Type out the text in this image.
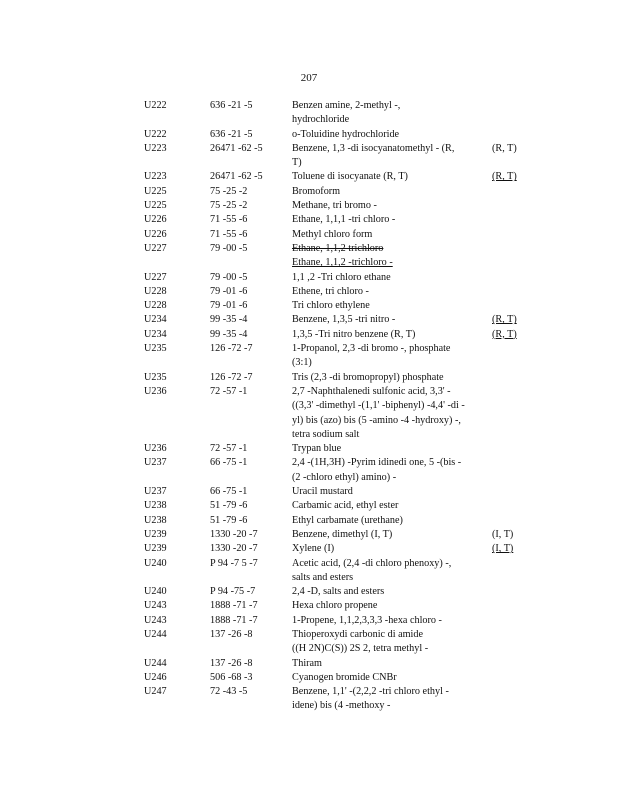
207
U222	636 -21 -5	Benzen amine, 2-methyl -,
hydrochloride	

U222	636 -21 -5	o-Toluidine hydrochloride	

U223	26471 -62 -5	Benzene, 1,3 -di isocyanatomethyl - (R,
T)	(R, T)
U223	26471 -62 -5	Toluene di isocyanate (R, T)	(R, T)
U225	75 -25 -2	Bromoform	

U225	75 -25 -2	Methane, tri bromo -	

U226	71 -55 -6	Ethane, 1,1,1 -tri chloro -	

U226	71 -55 -6	Methyl chloro form	

U227	79 -00 -5	Ethane, 1,1,2 trichloro
Ethane, 1,1,2 -trichloro -	

U227	79 -00 -5	1,1 ,2 -Tri chloro ethane	

U228	79 -01 -6	Ethene, tri chloro -	

U228	79 -01 -6	Tri chloro ethylene	

U234	99 -35 -4	Benzene, 1,3,5 -tri nitro -	(R, T)
U234	99 -35 -4	1,3,5 -Tri nitro benzene (R, T)	(R, T)
U235	126 -72 -7	1-Propanol, 2,3 -di bromo -, phosphate
(3:1)	

U235	126 -72 -7	Tris (2,3 -di bromopropyl) phosphate	

U236	72 -57 -1	2,7 -Naphthalenedi sulfonic acid, 3,3' -
((3,3' -dimethyl -(1,1' -biphenyl) -4,4' -di -
yl) bis (azo) bis (5 -amino -4 -hydroxy) -,
tetra sodium salt	

U236	72 -57 -1	Trypan blue	

U237	66 -75 -1	2,4 -(1H,3H) -Pyrim idinedi one, 5 -(bis -
(2 -chloro ethyl) amino) -	

U237	66 -75 -1	Uracil mustard	

U238	51 -79 -6	Carbamic acid, ethyl ester	

U238	51 -79 -6	Ethyl carbamate (urethane)	

U239	1330 -20 -7	Benzene, dimethyl (I, T)	(I, T)
U239	1330 -20 -7	Xylene (I)	(I, T)
U240	P 94 -7 5 -7	Acetic acid, (2,4 -di chloro phenoxy) -,
salts and esters	

U240	P 94 -75 -7	2,4 -D, salts and esters	

U243	1888 -71 -7	Hexa chloro propene	

U243	1888 -71 -7	1-Propene, 1,1,2,3,3,3 -hexa chloro -	

U244	137 -26 -8	Thioperoxydi carbonic di amide
((H 2N)C(S)) 2S 2, tetra methyl -	

U244	137 -26 -8	Thiram	

U246	506 -68 -3	Cyanogen bromide CNBr	

U247	72 -43 -5	Benzene, 1,1' -(2,2,2 -tri chloro ethyl -
idene) bis (4 -methoxy -	
